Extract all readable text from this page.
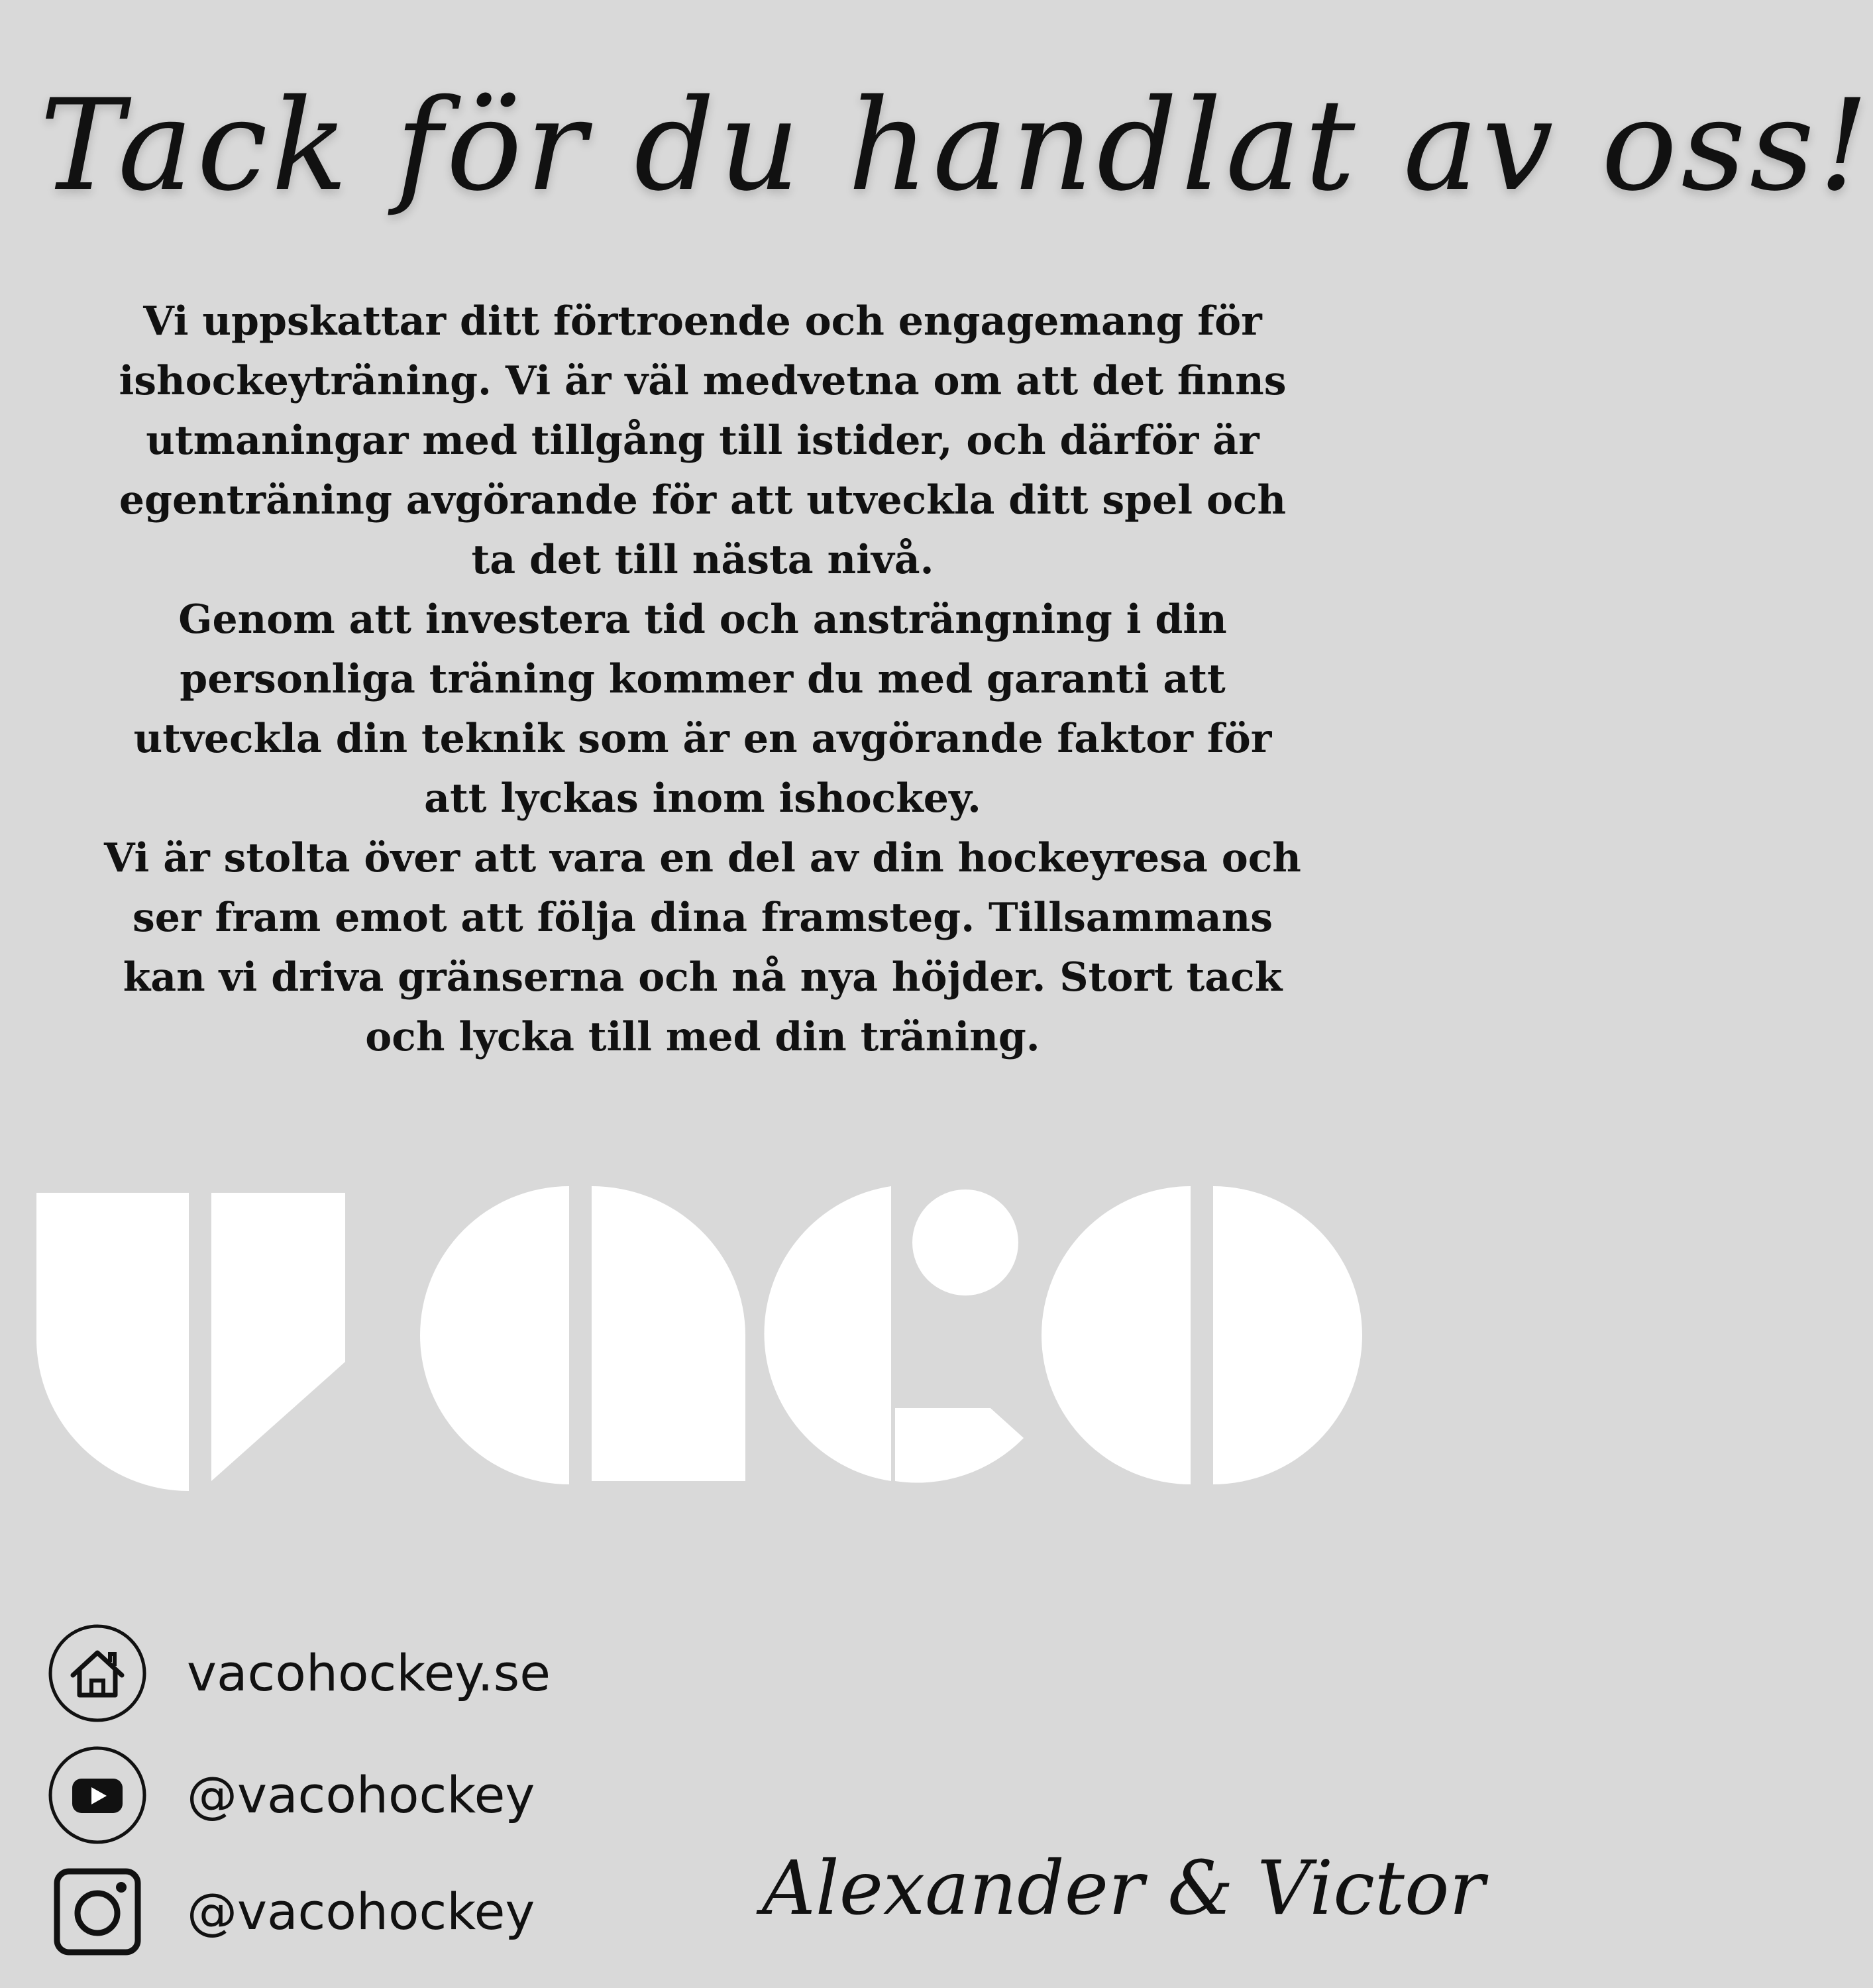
Tack för du handlat av oss!

Vi uppskattar ditt förtroende och engagemang för ishockeyträning. Vi är väl medvetna om att det finns utmaningar med tillgång till istider, och därför är egenträning avgörande för att utveckla ditt spel och ta det till nästa nivå.

Genom att investera tid och ansträngning i din personliga träning kommer du med garanti att utveckla din teknik som är en avgörande faktor för att lyckas inom ishockey.

Vi är stolta över att vara en del av din hockeyresa och ser fram emot att följa dina framsteg. Tillsammans kan vi driva gränserna och nå nya höjder. Stort tack och lycka till med din träning.

vacohockey.se
@vacohockey
@vacohockey	Alexander & Victor
